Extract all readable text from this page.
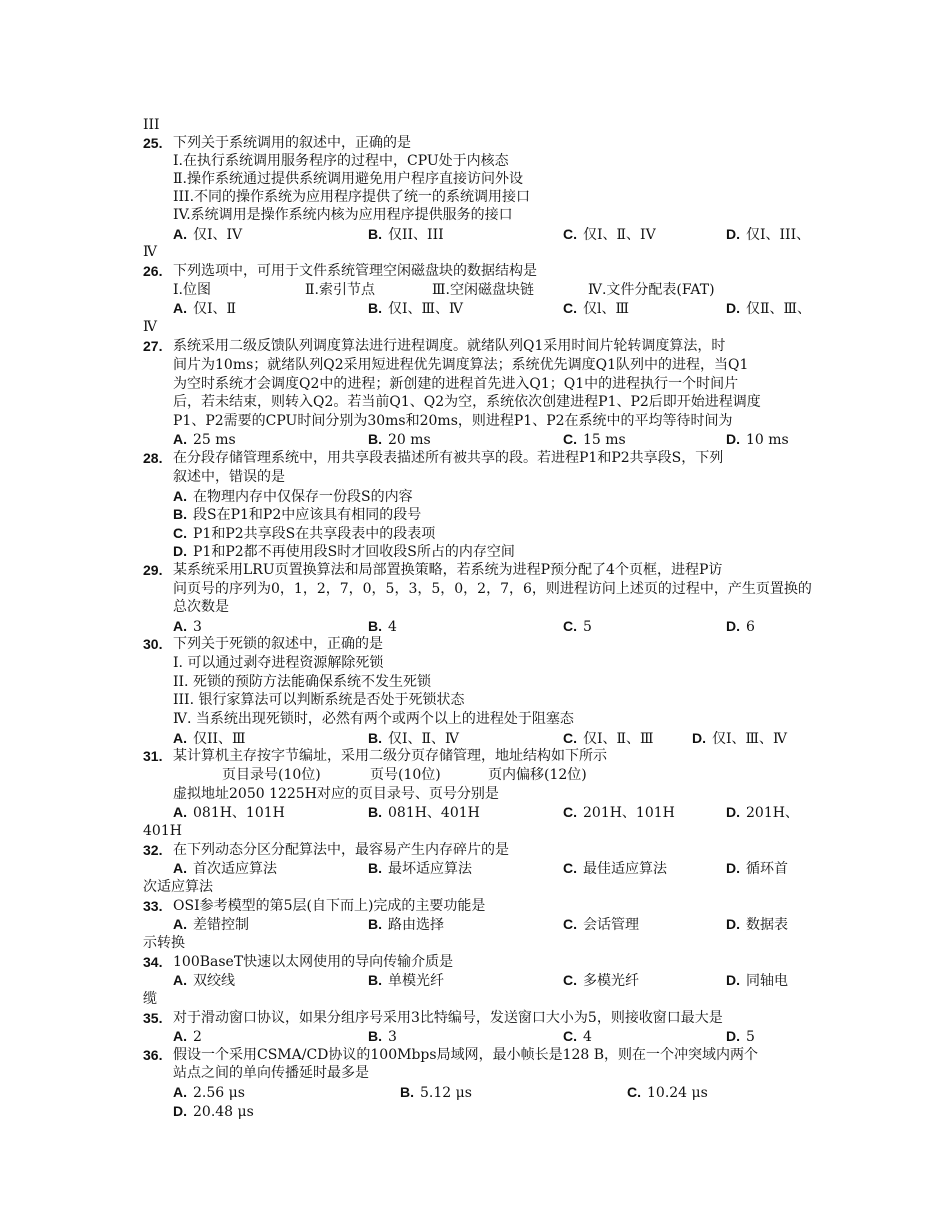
III
25. 下列关于系统调用的叙述中，正确的是
I.在执行系统调用服务程序的过程中，CPU处于内核态
Ⅱ.操作系统通过提供系统调用避免用户程序直接访问外设
III.不同的操作系统为应用程序提供了统一的系统调用接口
IV.系统调用是操作系统内核为应用程序提供服务的接口
A. 仅I、IV	B. 仅II、III	C. 仅I、Ⅱ、IV	D. 仅I、III、
Ⅳ
26. 下列选项中，可用于文件系统管理空闲磁盘块的数据结构是
I.位图	Ⅱ.索引节点	Ⅲ.空闲磁盘块链	Ⅳ.文件分配表(FAT)
A. 仅Ⅰ、Ⅱ	B. 仅Ⅰ、Ⅲ、Ⅳ	C. 仅l、Ⅲ	D. 仅Ⅱ、Ⅲ、
Ⅳ
27. 系统采用二级反馈队列调度算法进行进程调度。就绪队列Q1采用时间片轮转调度算法，时
间片为10ms；就绪队列Q2采用短进程优先调度算法；系统优先调度Q1队列中的进程，当Q1
为空时系统才会调度Q2中的进程；新创建的进程首先进入Q1；Q1中的进程执行一个时间片
后，若未结束，则转入Q2。若当前Q1、Q2为空，系统依次创建进程P1、P2后即开始进程调度
P1、P2需要的CPU时间分别为30ms和20ms，则进程P1、P2在系统中的平均等待时间为
A. 25 ms	B. 20 ms	C. 15 ms	D. 10 ms
28. 在分段存储管理系统中，用共享段表描述所有被共享的段。若进程P1和P2共享段S，下列
叙述中，错误的是
A. 在物理内存中仅保存一份段S的内容
B. 段S在P1和P2中应该具有相同的段号
C. P1和P2共享段S在共享段表中的段表项
D. P1和P2都不再使用段S时才回收段S所占的内存空间
29. 某系统采用LRU页置换算法和局部置换策略，若系统为进程P预分配了4个页框，进程P访
问页号的序列为0，1，2，7，0，5，3，5，0，2，7，6，则进程访问上述页的过程中，产生页置换的
总次数是
A. 3	B. 4	C. 5	D. 6
30. 下列关于死锁的叙述中，正确的是
I. 可以通过剥夺进程资源解除死锁
II. 死锁的预防方法能确保系统不发生死锁
III. 银行家算法可以判断系统是否处于死锁状态
Ⅳ. 当系统出现死锁时，必然有两个或两个以上的进程处于阻塞态
A. 仅II、Ⅲ	B. 仅Ⅰ、Ⅱ、Ⅳ	C. 仅Ⅰ、Ⅱ、Ⅲ	D. 仅Ⅰ、Ⅲ、Ⅳ
31. 某计算机主存按字节编址，采用二级分页存储管理，地址结构如下所示
页目录号(10位)	页号(10位)	页内偏移(12位)
虚拟地址2050 1225H对应的页目录号、页号分别是
A. 081H、101H	B. 081H、401H	C. 201H、101H	D. 201H、
401H
32. 在下列动态分区分配算法中，最容易产生内存碎片的是
A. 首次适应算法	B. 最坏适应算法	C. 最佳适应算法	D. 循环首
次适应算法
33. OSI参考模型的第5层(自下而上)完成的主要功能是
A. 差错控制	B. 路由选择	C. 会话管理	D. 数据表
示转换
34. 100BaseT快速以太网使用的导向传输介质是
A. 双绞线	B. 单模光纤	C. 多模光纤	D. 同轴电
缆
35. 对于滑动窗口协议，如果分组序号采用3比特编号，发送窗口大小为5，则接收窗口最大是
A. 2	B. 3	C. 4	D. 5
36. 假设一个采用CSMA/CD协议的100Mbps局域网，最小帧长是128 B，则在一个冲突域内两个
站点之间的单向传播延时最多是
A. 2.56 μs	B. 5.12 μs	C. 10.24 μs
D. 20.48 μs
